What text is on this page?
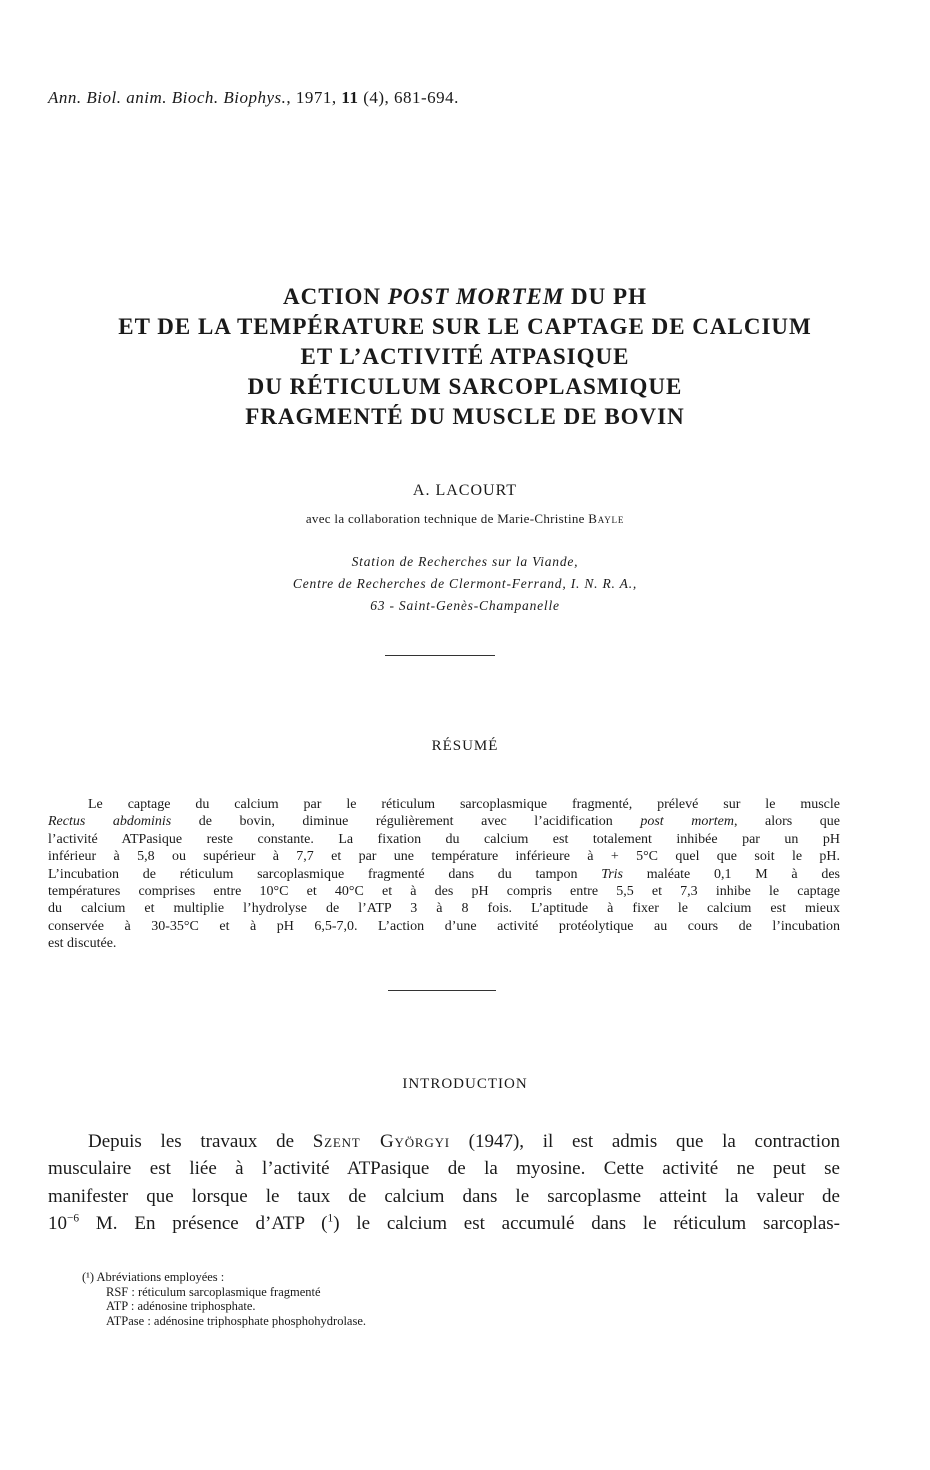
Ann. Biol. anim. Bioch. Biophys., 1971, 11 (4), 681-694.
ACTION POST MORTEM DU PH
ET DE LA TEMPÉRATURE SUR LE CAPTAGE DE CALCIUM
ET L’ACTIVITÉ ATPASIQUE
DU RÉTICULUM SARCOPLASMIQUE
FRAGMENTÉ DU MUSCLE DE BOVIN
A. LACOURT
avec la collaboration technique de Marie-Christine Bayle
Station de Recherches sur la Viande,
Centre de Recherches de Clermont-Ferrand, I. N. R. A.,
63 - Saint-Genès-Champanelle
RÉSUMÉ
Le captage du calcium par le réticulum sarcoplasmique fragmenté, prélevé sur le muscle
Rectus abdominis de bovin, diminue régulièrement avec l’acidification post mortem, alors que
l’activité ATPasique reste constante. La fixation du calcium est totalement inhibée par un pH
inférieur à 5,8 ou supérieur à 7,7 et par une température inférieure à + 5°C quel que soit le pH.
L’incubation de réticulum sarcoplasmique fragmenté dans du tampon Tris maléate 0,1 M à des
températures comprises entre 10°C et 40°C et à des pH compris entre 5,5 et 7,3 inhibe le captage
du calcium et multiplie l’hydrolyse de l’ATP 3 à 8 fois. L’aptitude à fixer le calcium est mieux
conservée à 30-35°C et à pH 6,5-7,0. L’action d’une activité protéolytique au cours de l’incubation
est discutée.
INTRODUCTION
Depuis les travaux de Szent Györgyi (1947), il est admis que la contraction
musculaire est liée à l’activité ATPasique de la myosine. Cette activité ne peut se
manifester que lorsque le taux de calcium dans le sarcoplasme atteint la valeur de
$10^{-6}$ M. En présence d’ATP ($^1$) le calcium est accumulé dans le réticulum sarcoplas-
(¹) Abréviations employées :
RSF : réticulum sarcoplasmique fragmenté
ATP : adénosine triphosphate.
ATPase : adénosine triphosphate phosphohydrolase.
